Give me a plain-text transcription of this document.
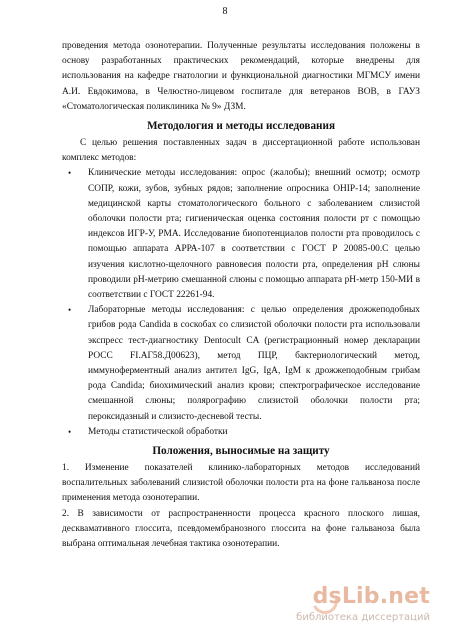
8

проведения метода озонотерапии. Полученные результаты исследования положены в основу разработанных практических рекомендаций, которые внедрены для использования на кафедре гнатологии и функциональной диагностики МГМСУ имени А.И. Евдокимова, в Челюстно-лицевом госпитале для ветеранов ВОВ, в ГАУЗ «Стоматологическая поликлиника № 9» ДЗМ.

Методология и методы исследования

С целью решения поставленных задач в диссертационной работе использован комплекс методов:

• Клинические методы исследования: опрос (жалобы); внешний осмотр; осмотр СОПР, кожи, зубов, зубных рядов; заполнение опросника OHIP-14; заполнение медицинской карты стоматологического больного с заболеванием слизистой оболочки полости рта; гигиеническая оценка состояния полости рт с помощью индексов ИГР-У, РМА. Исследование биопотенциалов полости рта проводилось с помощью аппарата АРРА-107 в соответствии с ГОСТ Р 20085-00.С целью изучения кислотно-щелочного равновесия полости рта, определения pH слюны проводили pH-метрию смешанной слюны с помощью аппарата pH-метр 150-МИ в соответствии с ГОСТ 22261-94.
• Лабораторные методы исследования: с целью определения дрожжеподобных грибов рода Candida в соскобах со слизистой оболочки полости рта использовали экспресс тест-диагностику Dentocult CA (регистрационный номер декларации РОСС FI.АГ58.Д00623), метод ПЦР, бактериологический метод, иммуноферментный анализ антител IgG, IgA, IgM к дрожжеподобным грибам рода Candida; биохимический анализ крови; спектрографическое исследование смешанной слюны; полярографию слизистой оболочки полости рта; пероксидазный и слизисто-десневой тесты.
• Методы статистической обработки
Положения, выносимые на защиту

1. Изменение показателей клинико-лабораторных методов исследований воспалительных заболеваний слизистой оболочки полости рта на фоне гальваноза после применения метода озонотерапии.

2. В зависимости от распространенности процесса красного плоского лишая, десквамативного глоссита, псевдомембранозного глоссита на фоне гальваноза была выбрана оптимальная лечебная тактика озонотерапии.

dsLib.net
библиотека диссертаций
